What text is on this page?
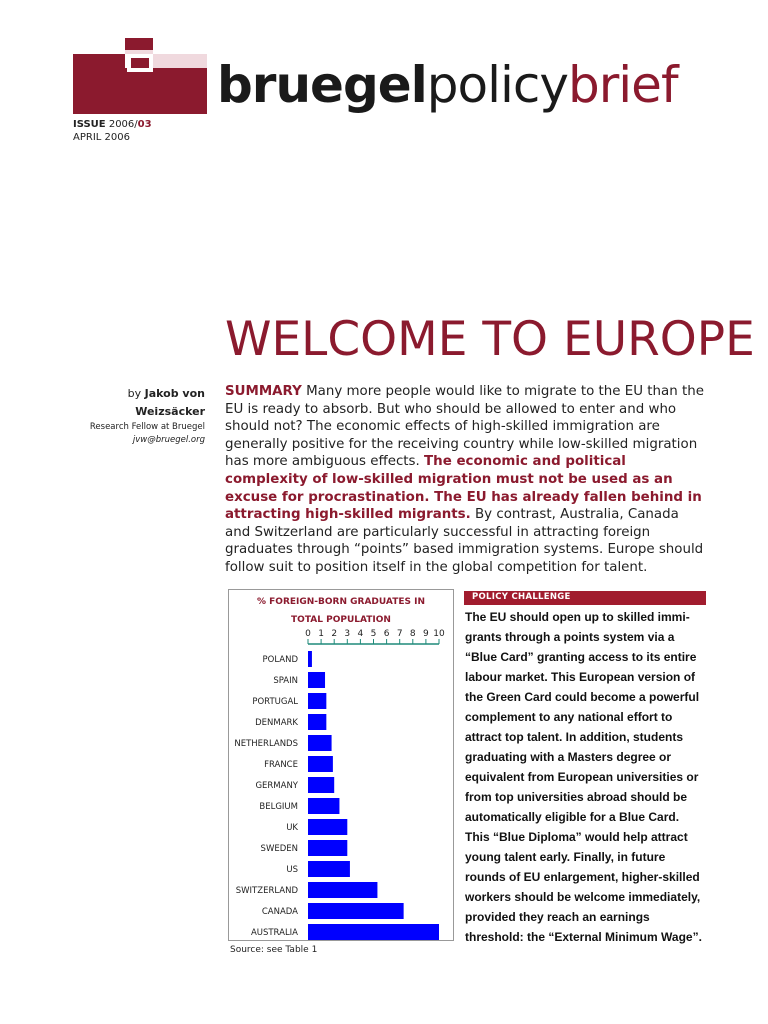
bruegelpolicybrief
ISSUE 2006/03
APRIL 2006
WELCOME TO EUROPE
by Jakob von
Weizsäcker
Research Fellow at Bruegel
jvw@bruegel.org
SUMMARY Many more people would like to migrate to the EU than the EU is ready to absorb. But who should be allowed to enter and who should not? The economic effects of high-skilled immigration are generally positive for the receiving country while low-skilled migration has more ambiguous effects. The economic and political complexity of low-skilled migration must not be used as an excuse for procrastination. The EU has already fallen behind in attracting high-skilled migrants. By contrast, Australia, Canada and Switzerland are particularly successful in attracting foreign graduates through “points” based immigration systems. Europe should follow suit to position itself in the global competition for talent.
% FOREIGN-BORN GRADUATES IN
TOTAL POPULATION
0 1 2 3 4 5 6 7 8 9 10
POLAND
SPAIN
PORTUGAL
DENMARK
NETHERLANDS
FRANCE
GERMANY
BELGIUM
UK
SWEDEN
US
SWITZERLAND
CANADA
AUSTRALIA
Source: see Table 1
POLICY CHALLENGE
The EU should open up to skilled immigrants through a points system via a “Blue Card” granting access to its entire labour market. This European version of the Green Card could become a powerful complement to any national effort to attract top talent. In addition, students graduating with a Masters degree or equivalent from European universities or from top universities abroad should be automatically eligible for a Blue Card. This “Blue Diploma” would help attract young talent early. Finally, in future rounds of EU enlargement, higher-skilled workers should be welcome immediately, provided they reach an earnings threshold: the “External Minimum Wage”.
